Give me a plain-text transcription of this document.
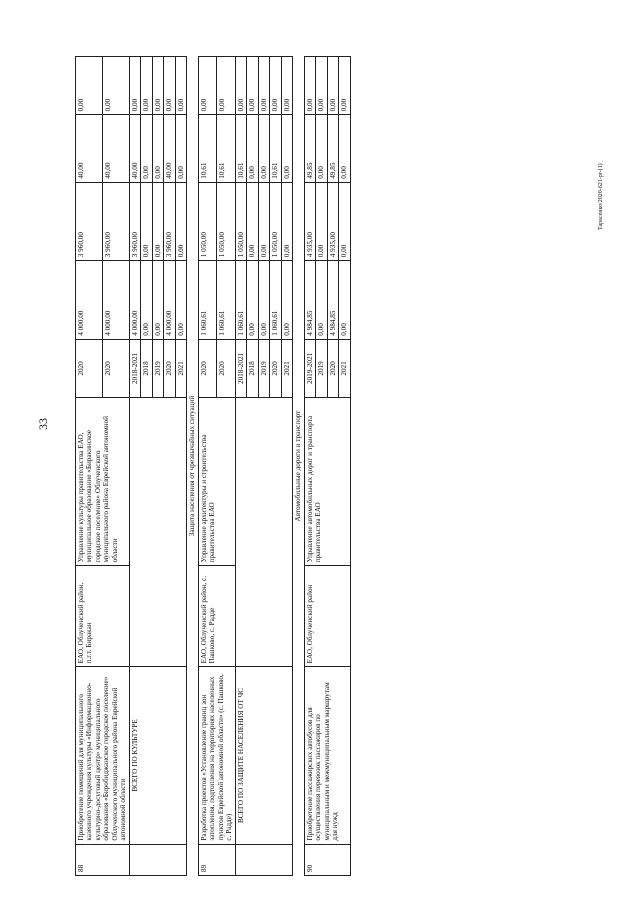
33
Тарасенко/2020-621-pr-(1)
88	Приобретение помещений для муниципального казенного учреждения культуры «Информационно-культурно-досуговый центр» муниципального образования «Биробиджанское городское поселение» Облученского муниципального района Еврейской автономной области	ЕАО, Облученский район, п.г.т. Биракан	Управление культуры правительства ЕАО, муниципальное образование «Биракинское городское поселение» Облученского муниципального района Еврейской автономной области	2020	4 000,00	3 960,00	40,00	0,00
				2020	4 000,00	3 960,00	40,00	0,00
	ВСЕГО ПО КУЛЬТУРЕ			2018-2021	4 000,00	3 960,00	40,00	0,00
				2018	0,00	0,00	0,00	0,00
				2019	0,00	0,00	0,00	0,00
				2020	4 000,00	3 960,00	40,00	0,00
				2021	0,00	0,00	0,00	0,00
Защита населения от чрезвычайных ситуаций								
89	Разработка проектов «Установление границ зон затопления, подтопления на территориях населенных пунктов Еврейской автономной области» (с. Пашково, с. Радде)	ЕАО, Облученский район, с. Пашково, с. Радде	Управление архитектуры и строительства правительства ЕАО	2020	1 060,61	1 050,00	10,61	0,00
				2020	1 060,61	1 050,00	10,61	0,00
	ВСЕГО ПО ЗАЩИТЕ НАСЕЛЕНИЯ ОТ ЧС			2018-2021	1 060,61	1 050,00	10,61	0,00
				2018	0,00	0,00	0,00	0,00
				2019	0,00	0,00	0,00	0,00
				2020	1 060,61	1 050,00	10,61	0,00
				2021	0,00	0,00	0,00	0,00
Автомобильные дороги и транспорт								
90	Приобретение пассажирских автобусов для осуществления перевозок пассажиров по муниципальным и межмуниципальным маршрутам для нужд	ЕАО, Облученский район	Управление автомобильных дорог и транспорта правительства ЕАО	2019-2021	4 984,85	4 935,00	49,85	0,00
				2019	0,00	0,00	0,00	0,00
				2020	4 984,85	4 935,00	49,85	0,00
				2021	0,00	0,00	0,00	0,00
